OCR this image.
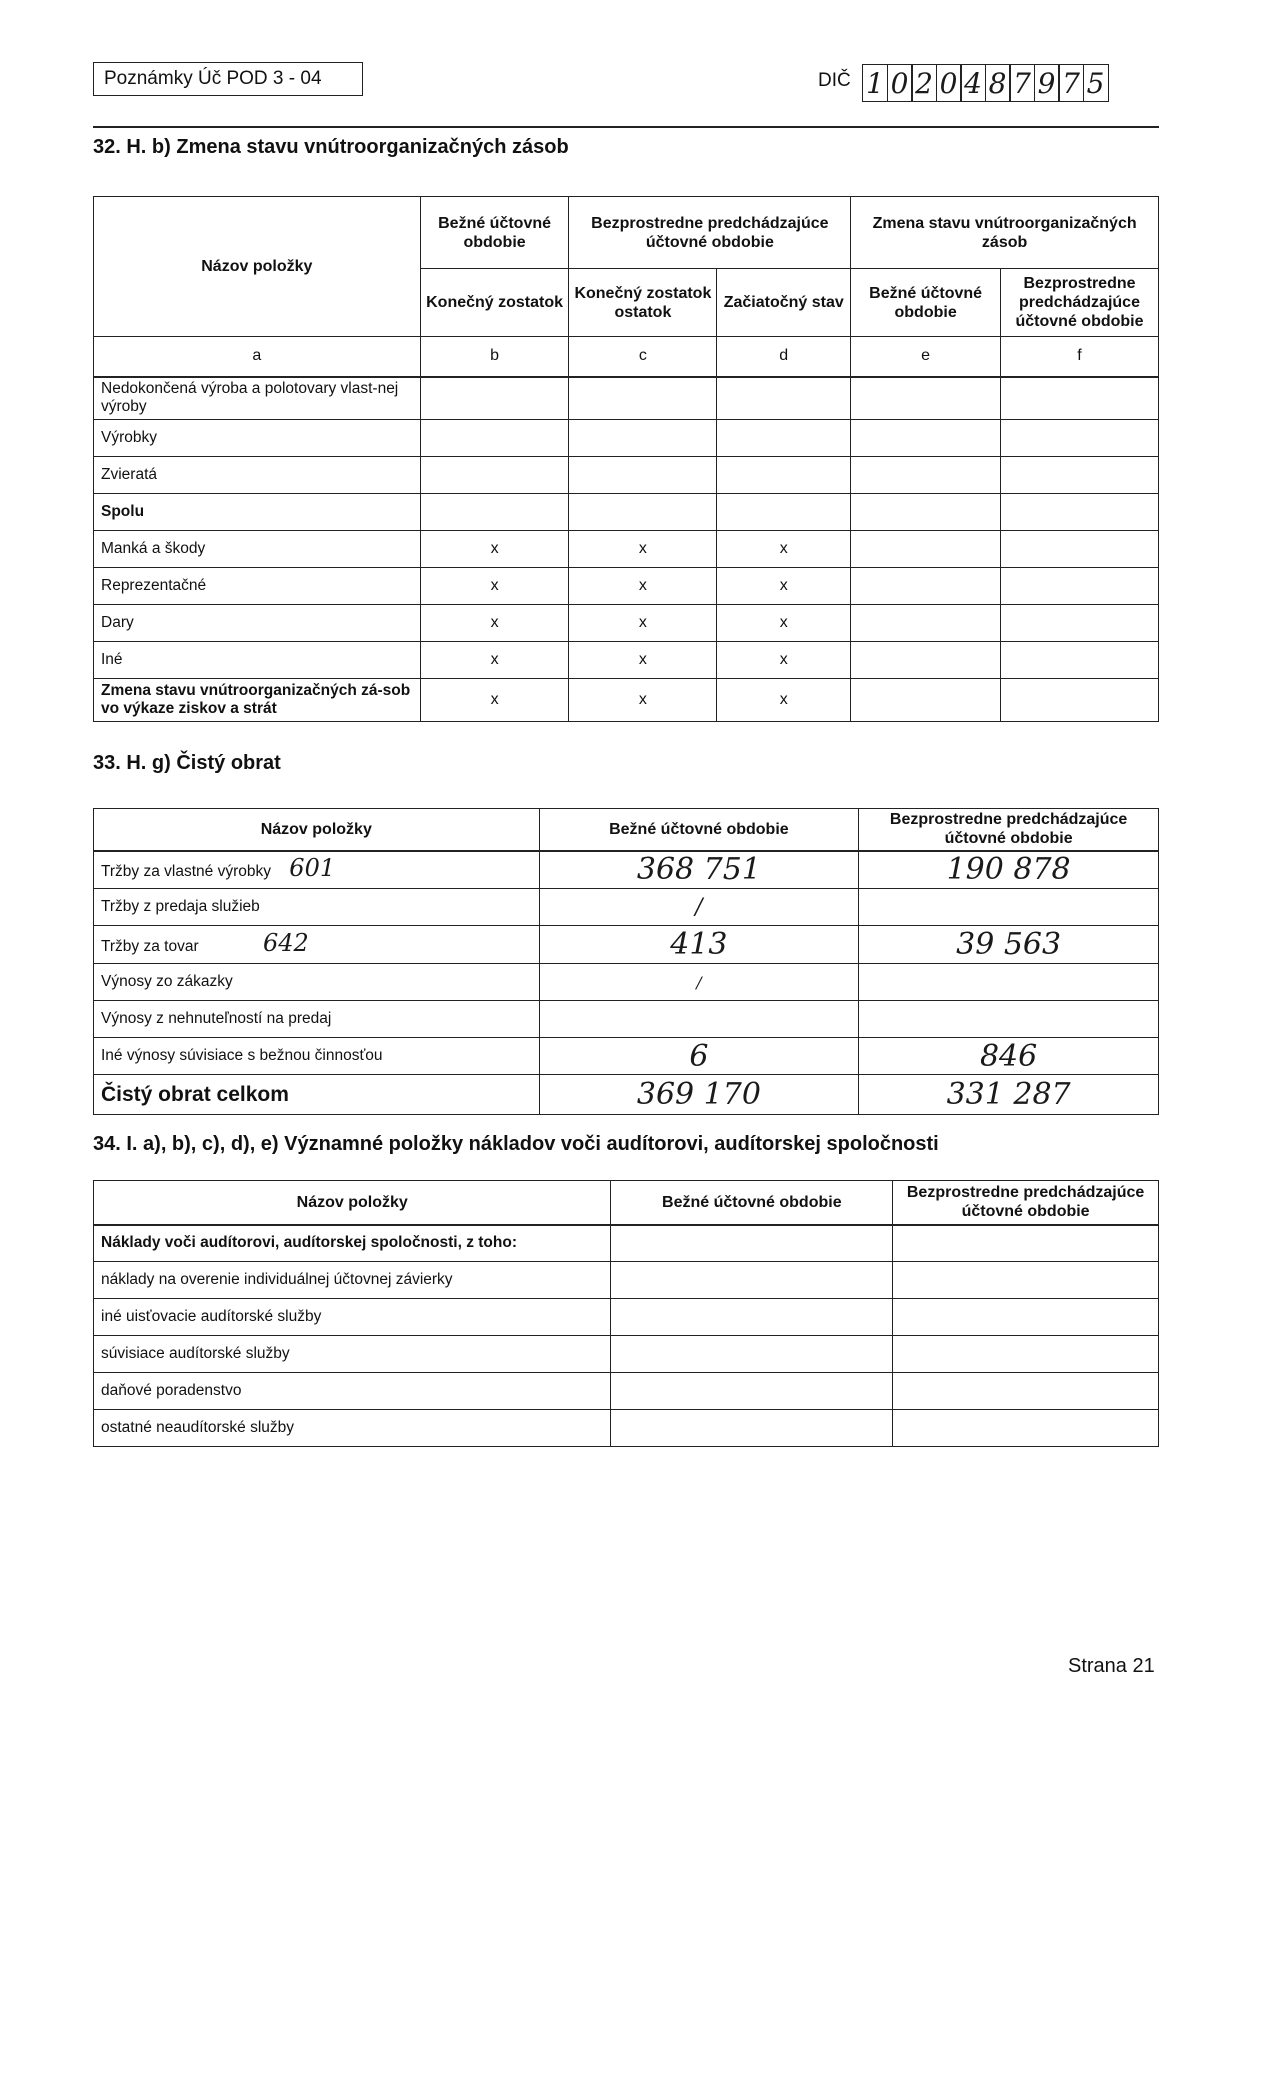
Poznámky Úč POD 3 - 04	DIČ 1 0 2 0 4 8 7 9 7 5
32. H. b) Zmena stavu vnútroorganizačných zásob
Názov položky	Bežné účtovné obdobie	Bezprostredne predchádzajúce účtovné obdobie		Zmena stavu vnútroorganizačných zásob	
	Konečný zostatok	Konečný zostatok ostatok	Začiatočný stav	Bežné účtovné obdobie	Bezprostredne predchádzajúce účtovné obdobie
a	b	c	d	e	f
Nedokončená výroba a polotovary vlast-nej výroby					
Výrobky					
Zvieratá					
Spolu					
Manká a škody	x	x	x		
Reprezentačné	x	x	x		
Dary	x	x	x		
Iné	x	x	x		
Zmena stavu vnútroorganizačných zá-sob vo výkaze ziskov a strát	x	x	x		
33. H. g) Čistý obrat
Názov položky	Bežné účtovné obdobie	Bezprostredne predchádzajúce účtovné obdobie
Tržby za vlastné výrobky 601	368 751	190 878
Tržby z predaja služieb	/	
Tržby za tovar 642	413	39 563
Výnosy zo zákazky	/	
Výnosy z nehnuteľností na predaj		
Iné výnosy súvisiace s bežnou činnosťou	6	846
Čistý obrat celkom	369 170	331 287
34. I. a), b), c), d), e) Významné položky nákladov voči audítorovi, audítorskej spoločnosti
Názov položky	Bežné účtovné obdobie	Bezprostredne predchádzajúce účtovné obdobie
Náklady voči audítorovi, audítorskej spoločnosti, z toho:		
náklady na overenie individuálnej účtovnej závierky		
iné uisťovacie audítorské služby		
súvisiace audítorské služby		
daňové poradenstvo		
ostatné neaudítorské služby		
Strana 21
